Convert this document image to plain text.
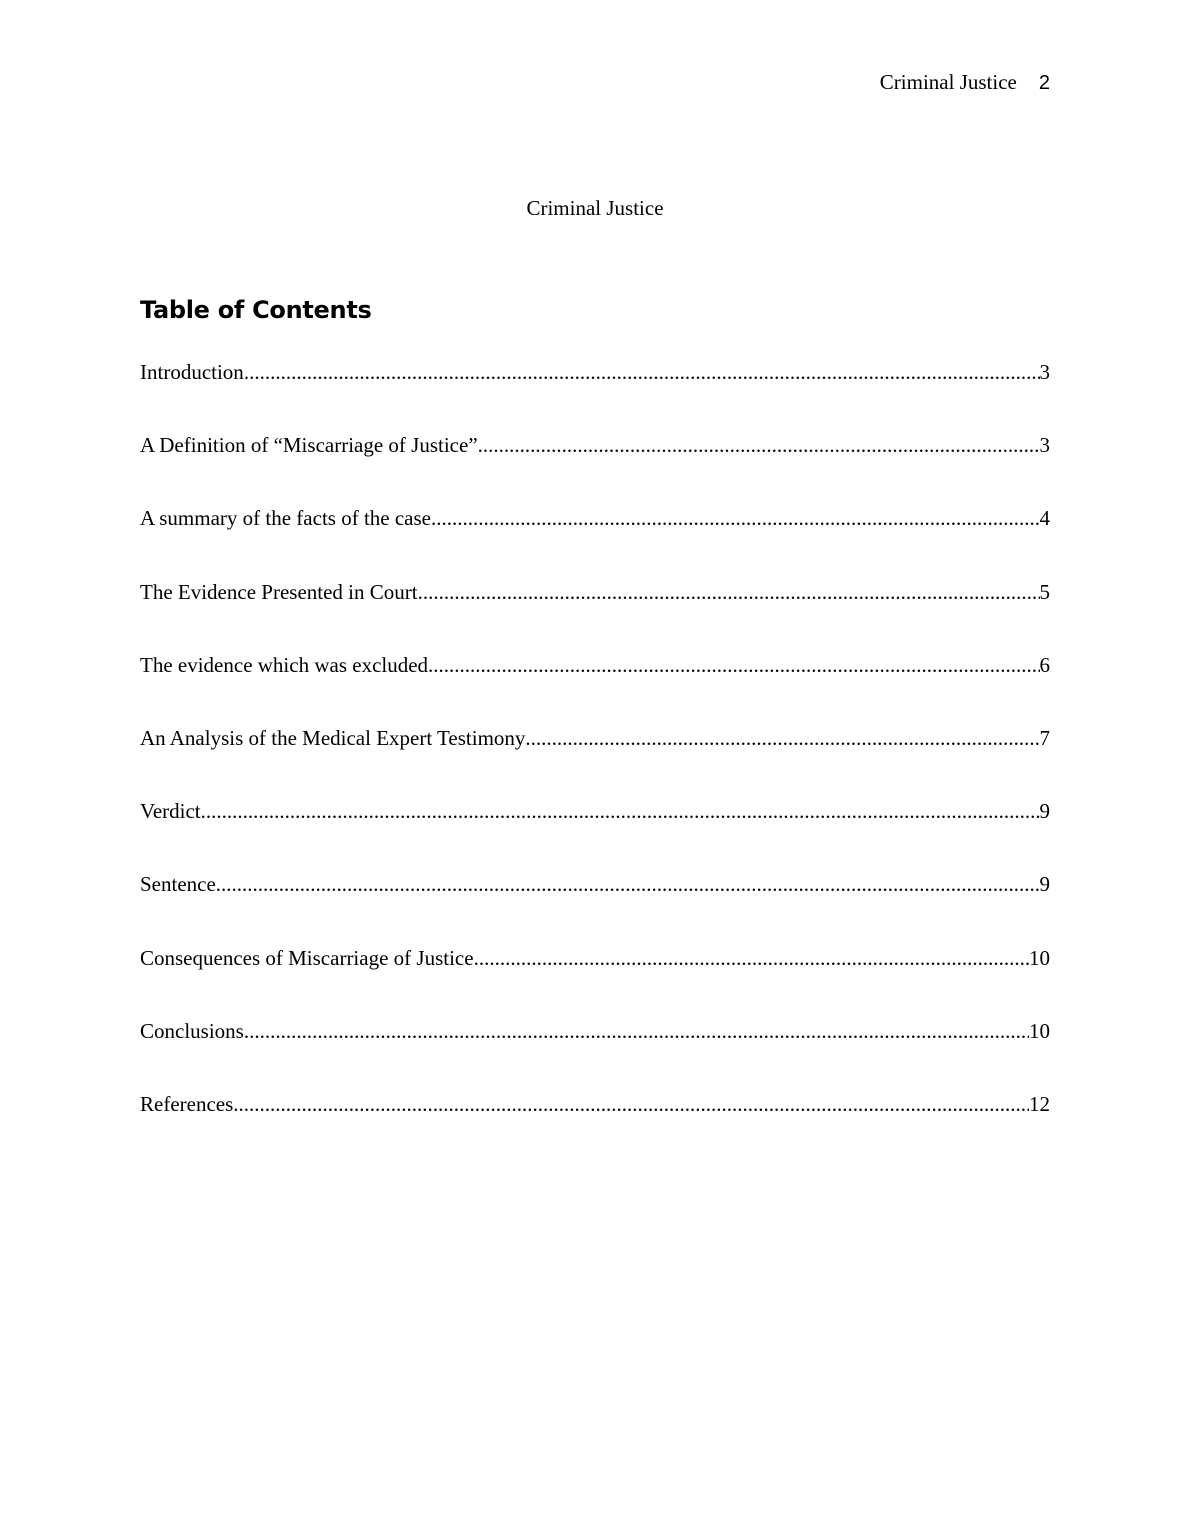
Criminal Justice 2
Criminal Justice
Table of Contents
Introduction .....	3
A Definition of “Miscarriage of Justice” .....	3
A summary of the facts of the case .....	4
The Evidence Presented in Court .....	5
The evidence which was excluded .....	6
An Analysis of the Medical Expert Testimony .....	7
Verdict .....	9
Sentence .....	9
Consequences of Miscarriage of Justice .....	10
Conclusions .....	10
References .....	12
